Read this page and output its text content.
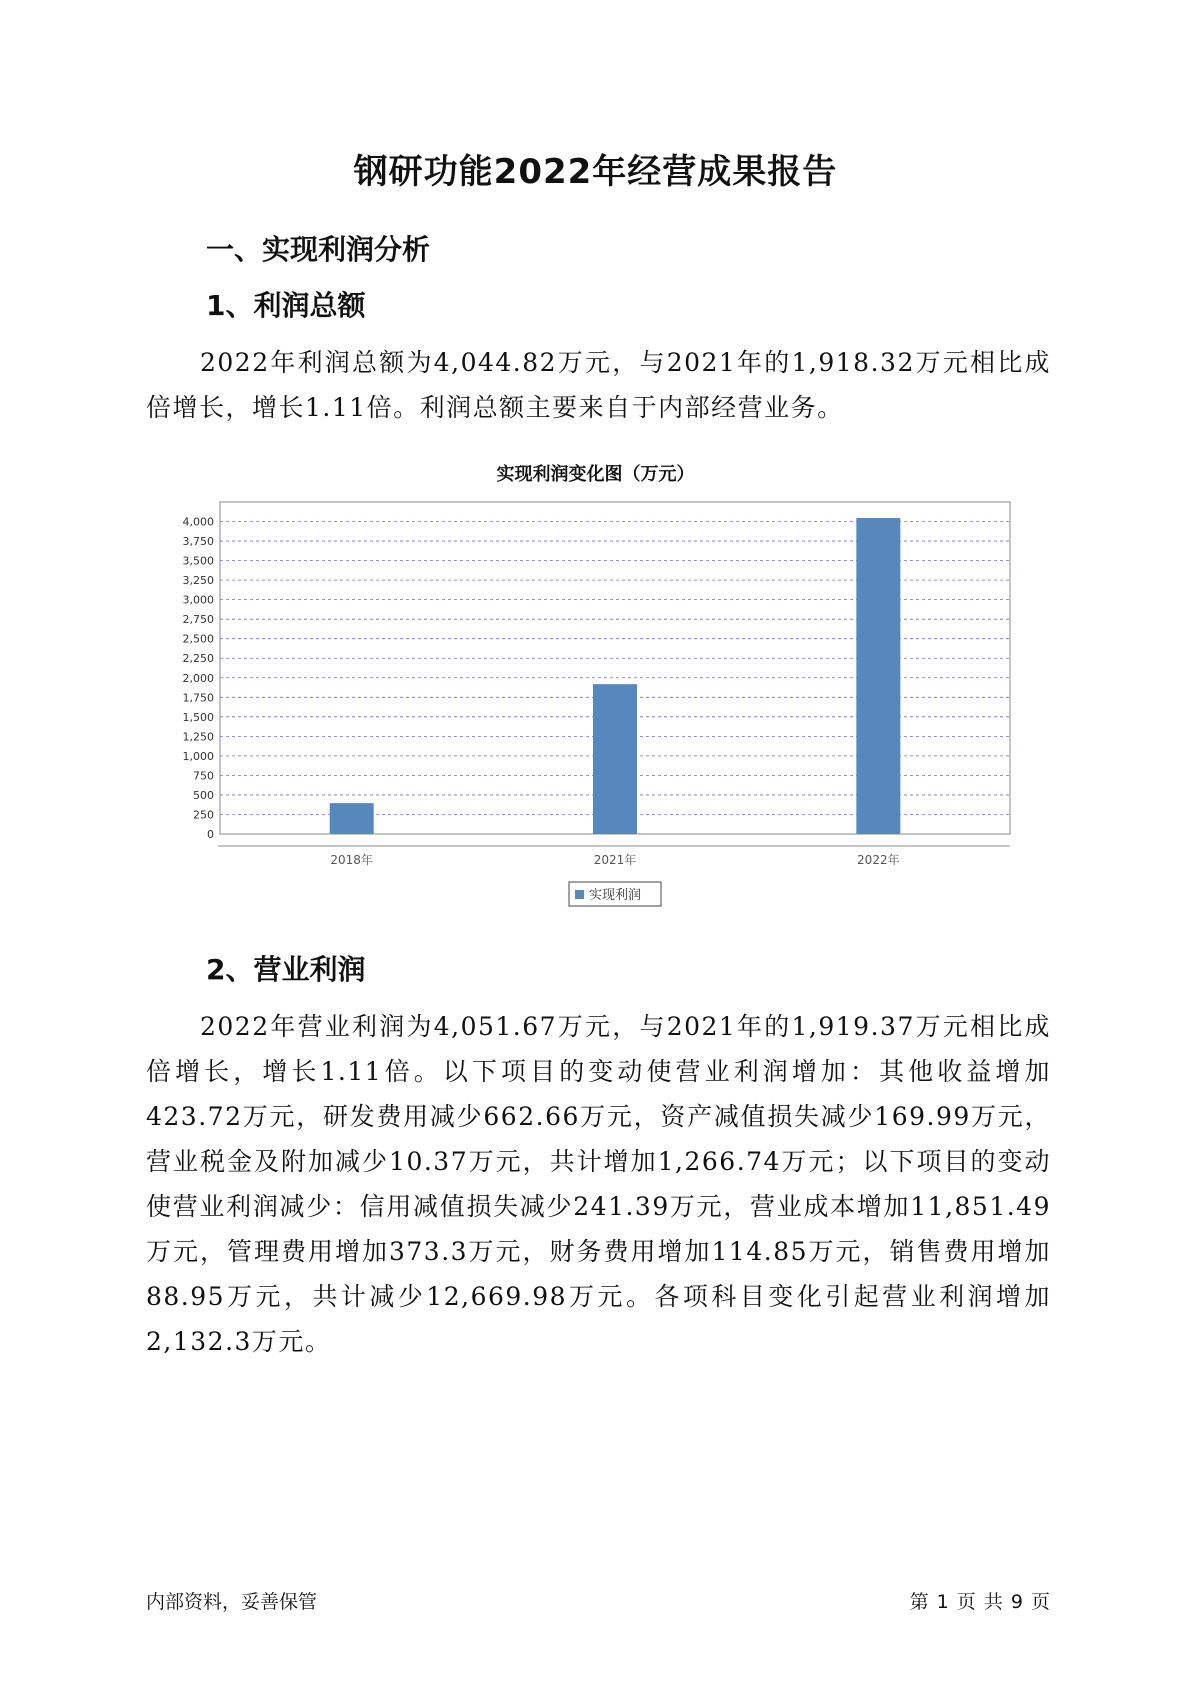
钢研功能2022年经营成果报告
一、实现利润分析
1、利润总额

2022年利润总额为4,044.82万元，与2021年的1,918.32万元相比成倍增长，增长1.11倍。利润总额主要来自于内部经营业务。

实现利润变化图（万元）
0
250
500
750
1,000
1,250
1,500
1,750
2,000
2,250
2,500
2,750
3,000
3,250
3,500
3,750
4,000
2018年	2021年	2022年
实现利润
2、营业利润

2022年营业利润为4,051.67万元，与2021年的1,919.37万元相比成倍增长，增长1.11倍。以下项目的变动使营业利润增加：其他收益增加423.72万元，研发费用减少662.66万元，资产减值损失减少169.99万元，营业税金及附加减少10.37万元，共计增加1,266.74万元；以下项目的变动使营业利润减少：信用减值损失减少241.39万元，营业成本增加11,851.49万元，管理费用增加373.3万元，财务费用增加114.85万元，销售费用增加88.95万元，共计减少12,669.98万元。各项科目变化引起营业利润增加2,132.3万元。

内部资料，妥善保管	第 1 页 共 9 页
